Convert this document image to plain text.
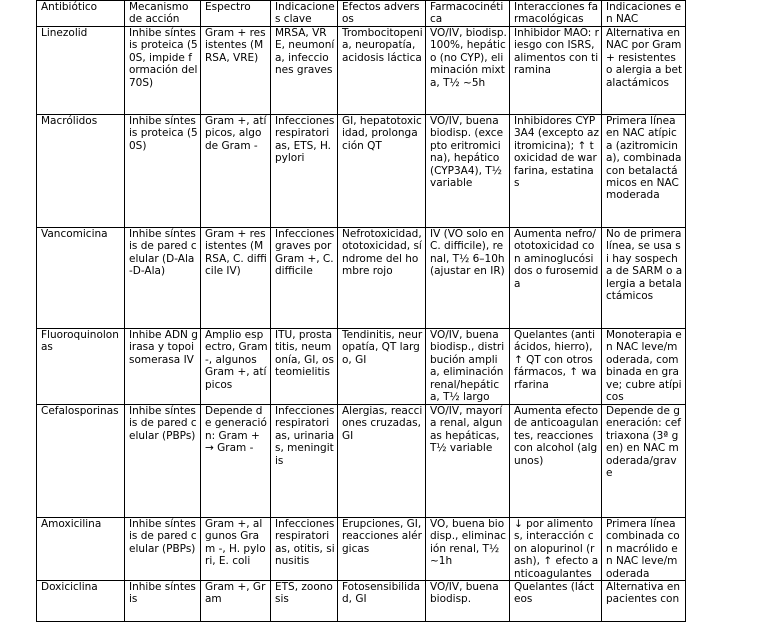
Antibiótico	Mecanismo de acción	Espectro	Indicaciones clave	Efectos adversos	Farmacocinética	Interacciones farmacológicas	Indicaciones en NAC
Linezolid	Inhibe síntesis proteica (50S, impide formación del 70S)	Gram + resistentes (MRSA, VRE)	MRSA, VRE, neumonía, infecciones graves	Trombocitopenia, neuropatía, acidosis láctica	VO/IV, biodisp. 100%, hepático (no CYP), eliminación mixta, T½ ~5h	Inhibidor MAO: riesgo con ISRS, alimentos con tiramina	Alternativa en NAC por Gram + resistentes o alergia a betalactámicos
Macrólidos	Inhibe síntesis proteica (50S)	Gram +, atípicos, algo de Gram -	Infecciones respiratorias, ETS, H. pylori	GI, hepatotoxicidad, prolongación QT	VO/IV, buena biodisp. (excepto eritromicina), hepático (CYP3A4), T½ variable	Inhibidores CYP3A4 (excepto azitromicina); ↑ toxicidad de warfarina, estatinas	Primera línea en NAC atípica (azitromicina), combinada con betalactámicos en NAC moderada
Vancomicina	Inhibe síntesis de pared celular (D-Ala-D-Ala)	Gram + resistentes (MRSA, C. difficile IV)	Infecciones graves por Gram +, C. difficile	Nefrotoxicidad, ototoxicidad, síndrome del hombre rojo	IV (VO solo en C. difficile), renal, T½ 6–10h (ajustar en IR)	Aumenta nefro/ototoxicidad con aminoglucósidos o furosemida	No de primera línea, se usa si hay sospecha de SARM o alergia a betalactámicos
Fluoroquinolonas	Inhibe ADN girasa y topoisomerasa IV	Amplio espectro, Gram -, algunos Gram +, atípicos	ITU, prostatitis, neumonía, GI, osteomielitis	Tendinitis, neuropatía, QT largo, GI	VO/IV, buena biodisp., distribución amplia, eliminación renal/hepática, T½ largo	Quelantes (antiácidos, hierro), ↑ QT con otros fármacos, ↑ warfarina	Monoterapia en NAC leve/moderada, combinada en grave; cubre atípicos
Cefalosporinas	Inhibe síntesis de pared celular (PBPs)	Depende de generación: Gram + → Gram -	Infecciones respiratorias, urinarias, meningitis	Alergias, reacciones cruzadas, GI	VO/IV, mayoría renal, algunas hepáticas, T½ variable	Aumenta efecto de anticoagulantes, reacciones con alcohol (algunos)	Depende de generación: ceftriaxona (3ª gen) en NAC moderada/grave
Amoxicilina	Inhibe síntesis de pared celular (PBPs)	Gram +, algunos Gram -, H. pylori, E. coli	Infecciones respiratorias, otitis, sinusitis	Erupciones, GI, reacciones alérgicas	VO, buena biodisp., eliminación renal, T½ ~1h	↓ por alimentos, interacción con alopurinol (rash), ↑ efecto anticoagulantes	Primera línea combinada con macrólido en NAC leve/moderada
Doxiciclina	Inhibe síntesis	Gram +, Gram	ETS, zoonosis	Fotosensibilidad, GI	VO/IV, buena biodisp.	Quelantes (lácteos	Alternativa en pacientes con
